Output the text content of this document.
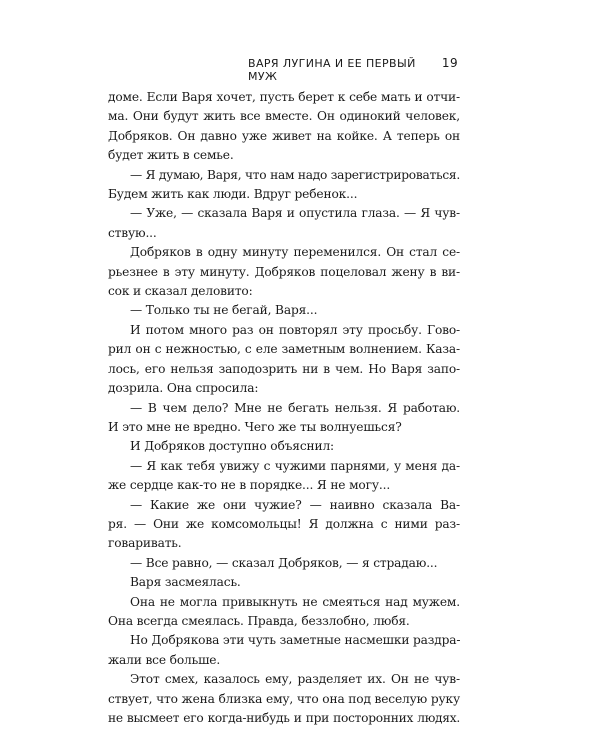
ВАРЯ ЛУГИНА И ЕЕ ПЕРВЫЙ МУЖ
19
доме. Если Варя хочет, пусть берет к себе мать и отчи-
ма. Они будут жить все вместе. Он одинокий человек,
Добряков. Он давно уже живет на койке. А теперь он
будет жить в семье.
— Я думаю, Варя, что нам надо зарегистрироваться.
Будем жить как люди. Вдруг ребенок...
— Уже, — сказала Варя и опустила глаза. — Я чув-
ствую...
Добряков в одну минуту переменился. Он стал се-
рьезнее в эту минуту. Добряков поцеловал жену в ви-
сок и сказал деловито:
— Только ты не бегай, Варя...
И потом много раз он повторял эту просьбу. Гово-
рил он с нежностью, с еле заметным волнением. Каза-
лось, его нельзя заподозрить ни в чем. Но Варя запо-
дозрила. Она спросила:
— В чем дело? Мне не бегать нельзя. Я работаю.
И это мне не вредно. Чего же ты волнуешься?
И Добряков доступно объяснил:
— Я как тебя увижу с чужими парнями, у меня да-
же сердце как-то не в порядке... Я не могу...
— Какие же они чужие? — наивно сказала Ва-
ря. — Они же комсомольцы! Я должна с ними раз-
говаривать.
— Все равно, — сказал Добряков, — я страдаю...
Варя засмеялась.
Она не могла привыкнуть не смеяться над мужем.
Она всегда смеялась. Правда, беззлобно, любя.
Но Добрякова эти чуть заметные насмешки раздра-
жали все больше.
Этот смех, казалось ему, разделяет их. Он не чув-
ствует, что жена близка ему, что она под веселую руку
не высмеет его когда-нибудь и при посторонних людях.
